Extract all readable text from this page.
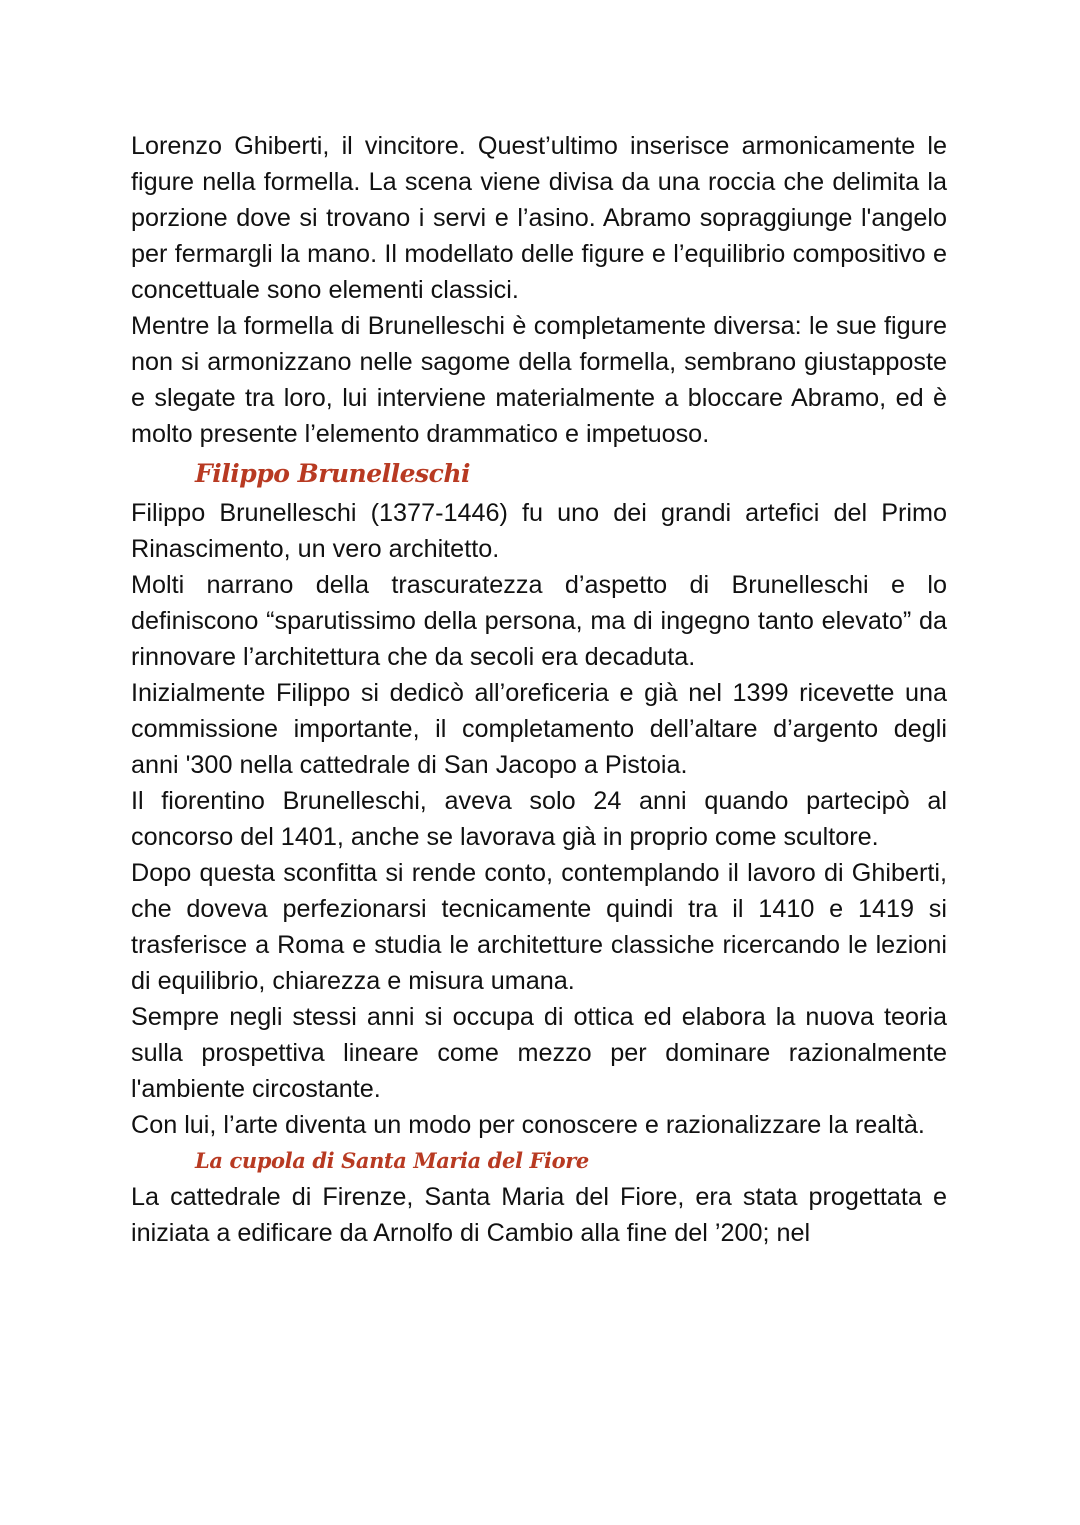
Lorenzo Ghiberti, il vincitore. Quest’ultimo inserisce armonicamente le figure nella formella. La scena viene divisa da una roccia che delimita la porzione dove si trovano i servi e l’asino. Abramo sopraggiunge l'angelo per fermargli la mano. Il modellato delle figure e l’equilibrio compositivo e concettuale sono elementi classici.

Mentre la formella di Brunelleschi è completamente diversa: le sue figure non si armonizzano nelle sagome della formella, sembrano giustapposte e slegate tra loro, lui interviene materialmente a bloccare Abramo, ed è molto presente l’elemento drammatico e impetuoso.

Filippo Brunelleschi

Filippo Brunelleschi (1377-1446) fu uno dei grandi artefici del Primo Rinascimento, un vero architetto.

Molti narrano della trascuratezza d’aspetto di Brunelleschi e lo definiscono “sparutissimo della persona, ma di ingegno tanto elevato” da rinnovare l’architettura che da secoli era decaduta.

Inizialmente Filippo si dedicò all’oreficeria e già nel 1399 ricevette una commissione importante, il completamento dell’altare d’argento degli anni '300 nella cattedrale di San Jacopo a Pistoia.

Il fiorentino Brunelleschi, aveva solo 24 anni quando partecipò al concorso del 1401, anche se lavorava già in proprio come scultore.

Dopo questa sconfitta si rende conto, contemplando il lavoro di Ghiberti, che doveva perfezionarsi tecnicamente quindi tra il 1410 e 1419 si trasferisce a Roma e studia le architetture classiche ricercando le lezioni di equilibrio, chiarezza e misura umana.

Sempre negli stessi anni si occupa di ottica ed elabora la nuova teoria sulla prospettiva lineare come mezzo per dominare razionalmente l'ambiente circostante.

Con lui, l’arte diventa un modo per conoscere e razionalizzare la realtà.

La cupola di Santa Maria del Fiore

La cattedrale di Firenze, Santa Maria del Fiore, era stata progettata e iniziata a edificare da Arnolfo di Cambio alla fine del ’200; nel
